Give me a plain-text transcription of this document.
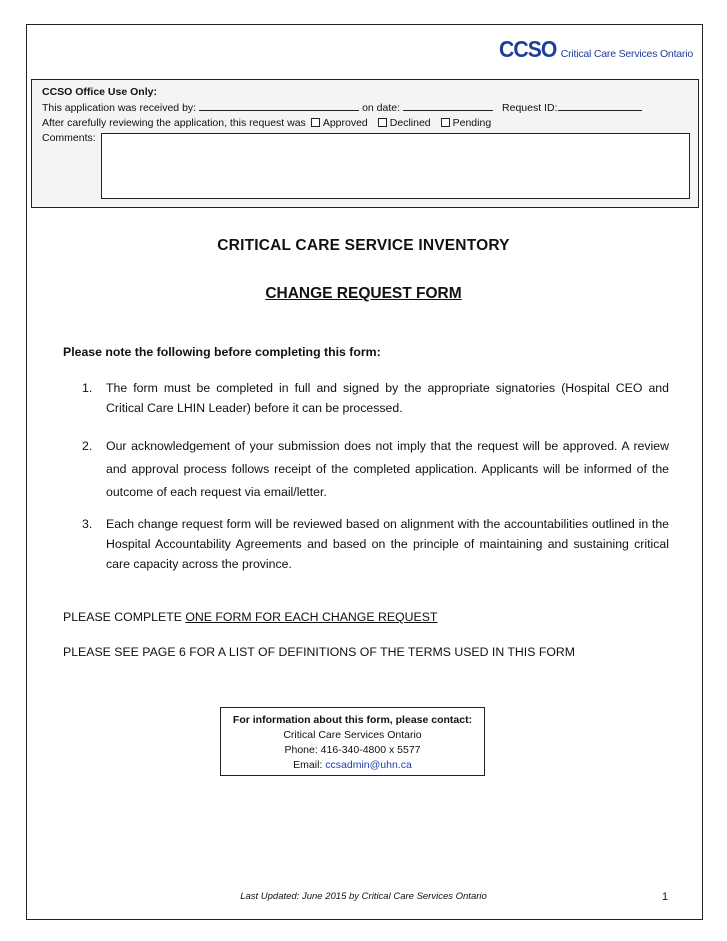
CCSO Critical Care Services Ontario
CCSO Office Use Only:
This application was received by:	on date:	Request ID:
After carefully reviewing the application, this request was Approved Declined Pending
Comments:
CRITICAL CARE SERVICE INVENTORY
CHANGE REQUEST FORM
Please note the following before completing this form:
1.	The form must be completed in full and signed by the appropriate signatories (Hospital CEO and Critical Care LHIN Leader) before it can be processed.
2.	Our acknowledgement of your submission does not imply that the request will be approved. A review and approval process follows receipt of the completed application. Applicants will be informed of the outcome of each request via email/letter.
3.	Each change request form will be reviewed based on alignment with the accountabilities outlined in the Hospital Accountability Agreements and based on the principle of maintaining and sustaining critical care capacity across the province.
PLEASE COMPLETE ONE FORM FOR EACH CHANGE REQUEST
PLEASE SEE PAGE 6 FOR A LIST OF DEFINITIONS OF THE TERMS USED IN THIS FORM
For information about this form, please contact:
Critical Care Services Ontario
Phone: 416-340-4800 x 5577
Email: ccsadmin@uhn.ca
Last Updated: June 2015 by Critical Care Services Ontario	1
